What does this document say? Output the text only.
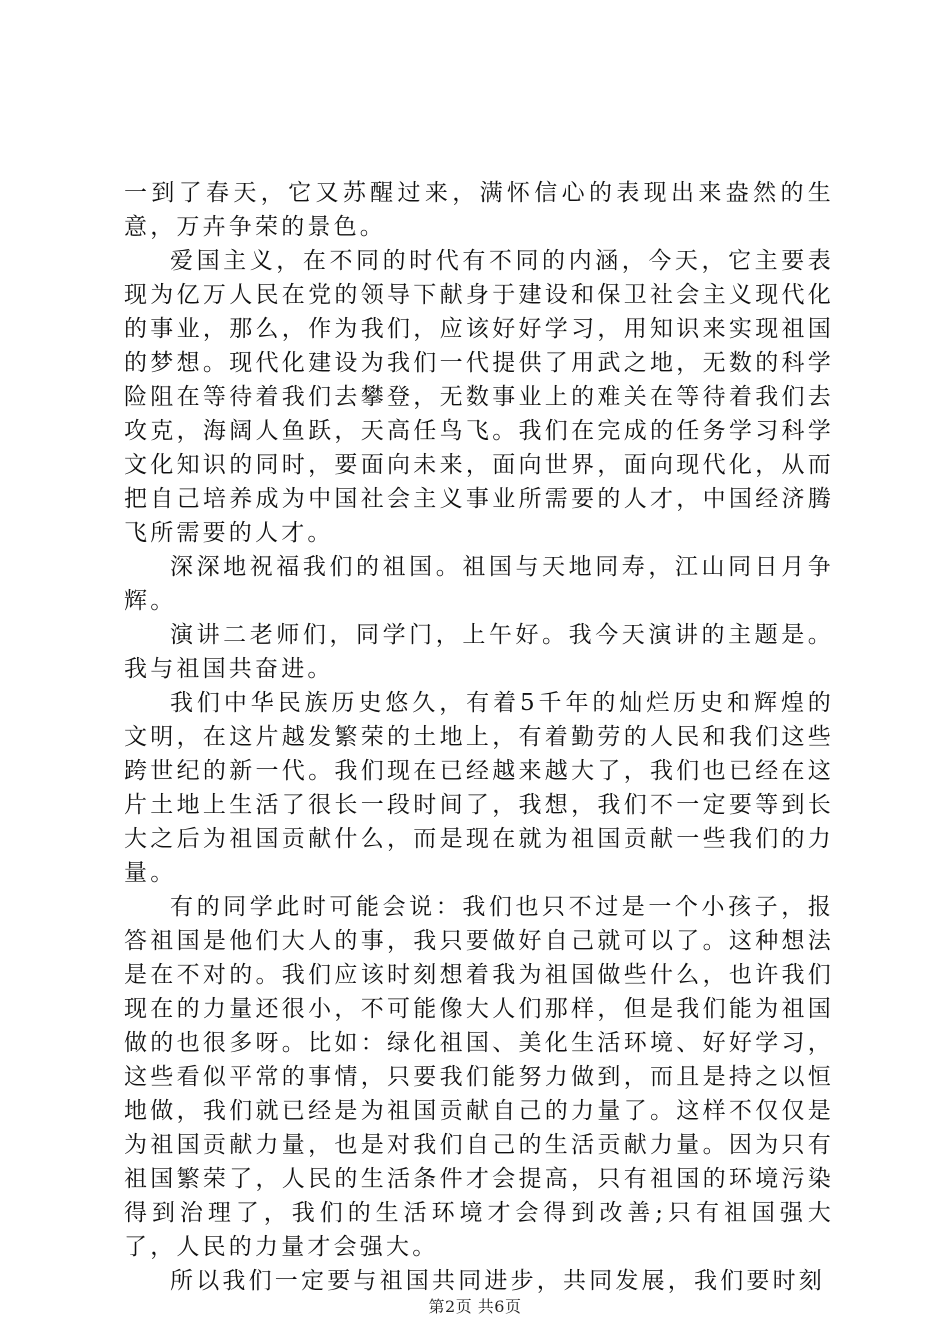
一到了春天，它又苏醒过来，满怀信心的表现出来盎然的生意，万卉争荣的景色。

爱国主义，在不同的时代有不同的内涵，今天，它主要表现为亿万人民在党的领导下献身于建设和保卫社会主义现代化的事业，那么，作为我们，应该好好学习，用知识来实现祖国的梦想。现代化建设为我们一代提供了用武之地，无数的科学险阻在等待着我们去攀登，无数事业上的难关在等待着我们去攻克，海阔人鱼跃，天高任鸟飞。我们在完成的任务学习科学文化知识的同时，要面向未来，面向世界，面向现代化，从而把自己培养成为中国社会主义事业所需要的人才，中国经济腾飞所需要的人才。

深深地祝福我们的祖国。祖国与天地同寿，江山同日月争辉。

演讲二老师们，同学门，上午好。我今天演讲的主题是。我与祖国共奋进。

我们中华民族历史悠久，有着5千年的灿烂历史和辉煌的文明，在这片越发繁荣的土地上，有着勤劳的人民和我们这些跨世纪的新一代。我们现在已经越来越大了，我们也已经在这片土地上生活了很长一段时间了，我想，我们不一定要等到长大之后为祖国贡献什么，而是现在就为祖国贡献一些我们的力量。

有的同学此时可能会说：我们也只不过是一个小孩子，报答祖国是他们大人的事，我只要做好自己就可以了。这种想法是在不对的。我们应该时刻想着我为祖国做些什么，也许我们现在的力量还很小，不可能像大人们那样，但是我们能为祖国做的也很多呀。比如：绿化祖国、美化生活环境、好好学习，这些看似平常的事情，只要我们能努力做到，而且是持之以恒地做，我们就已经是为祖国贡献自己的力量了。这样不仅仅是为祖国贡献力量，也是对我们自己的生活贡献力量。因为只有祖国繁荣了，人民的生活条件才会提高，只有祖国的环境污染得到治理了，我们的生活环境才会得到改善;只有祖国强大了，人民的力量才会强大。

所以我们一定要与祖国共同进步，共同发展，我们要时刻

第2页 共6页
